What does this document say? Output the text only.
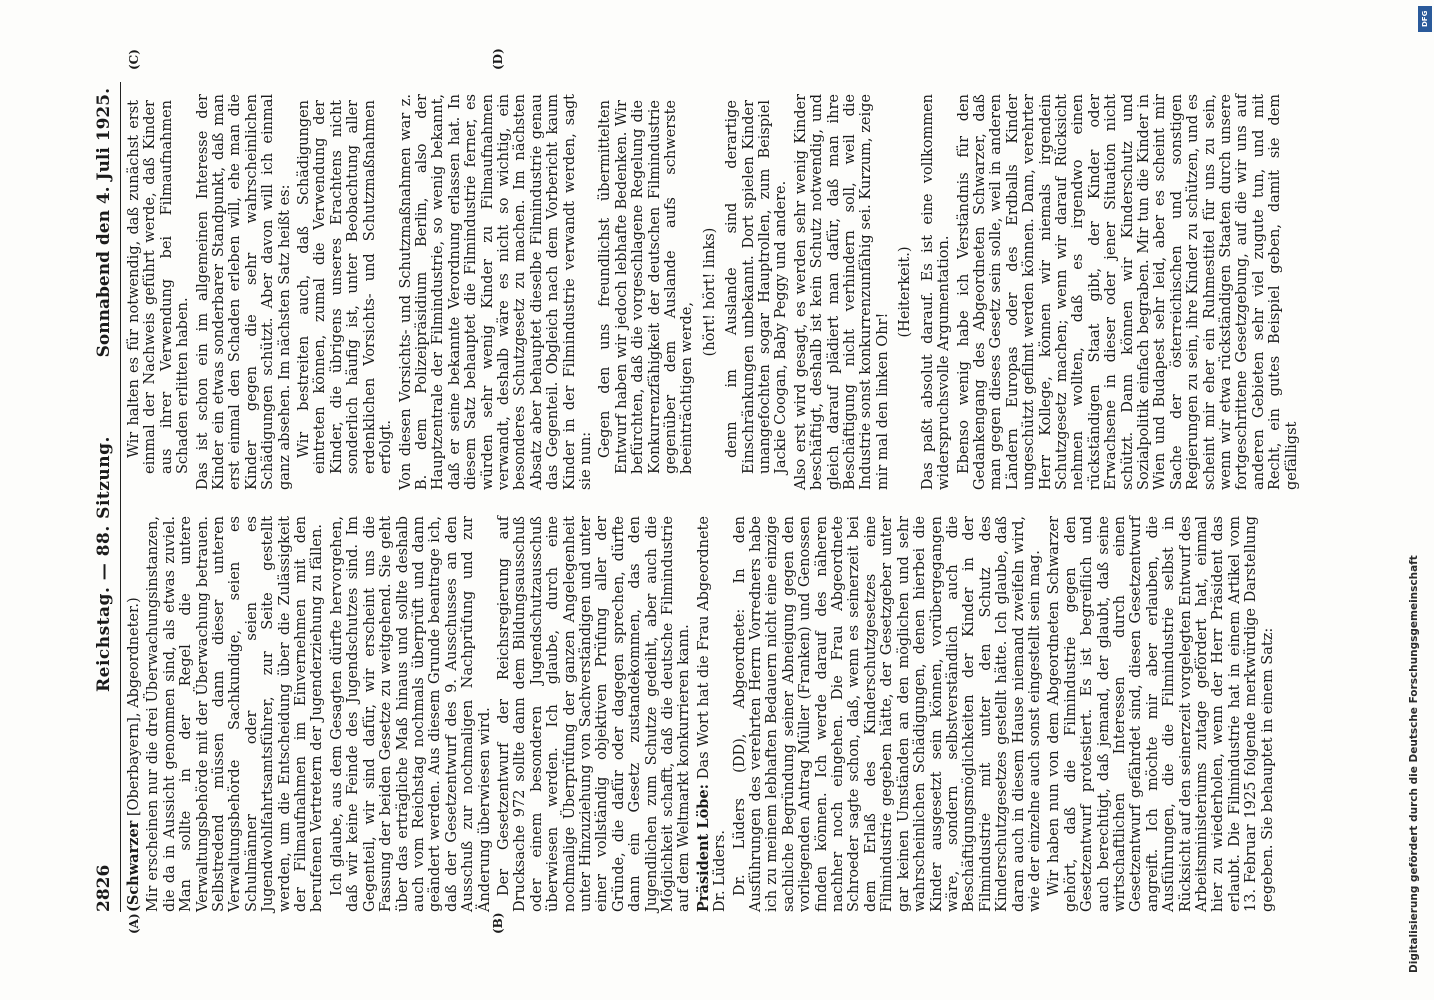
2826
Reichstag. — 88. Sitzung.
Sonnabend den 4. Juli 1925.
(A)	(B)
(C)	(D)

(Schwarzer [Oberbayern], Abgeordneter.) Mir erscheinen nur die drei Überwachungsinstanzen, die da in Aussicht genommen sind, als etwas zuviel. Man sollte in der Regel die untere Verwaltungsbehörde mit der Überwachung betrauen. Selbstredend müssen dann dieser unteren Verwaltungsbehörde Sachkundige, seien es Schulmänner oder seien es Jugendwohlfahrtsamtsführer, zur Seite gestellt werden, um die Entscheidung über die Zulässigkeit der Filmaufnahmen im Einvernehmen mit den berufenen Vertretern der Jugenderziehung zu fällen. Ich glaube, aus dem Gesagten dürfte hervorgehen, daß wir keine Feinde des Jugendschutzes sind. Im Gegenteil, wir sind dafür, wir erscheint uns die Fassung der beiden Gesetze zu weitgehend. Sie geht über das erträgliche Maß hinaus und sollte deshalb auch vom Reichstag nochmals überprüft und dann geändert werden. Aus diesem Grunde beantrage ich, daß der Gesetzentwurf des 9. Ausschusses an den Ausschuß zur nochmaligen Nachprüfung und zur Änderung überwiesen wird. Der Gesetzentwurf der Reichsregierung auf Drucksache 972 sollte dann dem Bildungsausschuß oder einem besonderen Jugendschutzausschuß überwiesen werden. Ich glaube, durch eine nochmalige Überprüfung der ganzen Angelegenheit unter Hinzuziehung von Sachverständigen und unter einer vollständig objektiven Prüfung aller der Gründe, die dafür oder dagegen sprechen, dürfte dann ein Gesetz zustandekommen, das den Jugendlichen zum Schutze gedeiht, aber auch die Möglichkeit schafft, daß die deutsche Filmindustrie auf dem Weltmarkt konkurrieren kann. Präsident Löbe: Das Wort hat die Frau Abgeordnete Dr. Lüders. Dr. Lüders (DD), Abgeordnete: In den Ausführungen des verehrten Herrn Vorredners habe ich zu meinem lebhaften Bedauern nicht eine einzige sachliche Begründung seiner Abneigung gegen den vorliegenden Antrag Müller (Franken) und Genossen finden können. Ich werde darauf des näheren nachher noch eingehen. Die Frau Abgeordnete Schroeder sagte schon, daß, wenn es seinerzeit bei dem Erlaß des Kinderschutzgesetzes eine Filmindustrie gegeben hätte, der Gesetzgeber unter gar keinen Umständen an den möglichen und sehr wahrscheinlichen Schädigungen, denen hierbei die Kinder ausgesetzt sein können, vorübergegangen wäre, sondern selbstverständlich auch die Beschäftigungsmöglichkeiten der Kinder in der Filmindustrie mit unter den Schutz des Kinderschutzgesetzes gestellt hätte. Ich glaube, daß daran auch in diesem Hause niemand zweifeln wird, wie der einzelne auch sonst eingestellt sein mag. Wir haben nun von dem Abgeordneten Schwarzer gehört, daß die Filmindustrie gegen den Gesetzentwurf protestiert. Es ist begreiflich und auch berechtigt, daß jemand, der glaubt, daß seine wirtschaftlichen Interessen durch einen Gesetzentwurf gefährdet sind, diesen Gesetzentwurf angreift. Ich möchte mir aber erlauben, die Ausführungen, die die Filmindustrie selbst in Rücksicht auf den seinerzeit vorgelegten Entwurf des Arbeitsministeriums zutage gefördert hat, einmal hier zu wiederholen, wenn der Herr Präsident das erlaubt. Die Filmindustrie hat in einem Artikel vom 13. Februar 1925 folgende merkwürdige Darstellung gegeben. Sie behauptet in einem Satz:

Wir halten es für notwendig, daß zunächst erst einmal der Nachweis geführt werde, daß Kinder aus ihrer Verwendung bei Filmaufnahmen Schaden erlitten haben. Das ist schon ein im allgemeinen Interesse der Kinder ein etwas sonderbarer Standpunkt, daß man erst einmal den Schaden erleben will, ehe man die Kinder gegen die sehr wahrscheinlichen Schädigungen schützt. Aber davon will ich einmal ganz absehen. Im nächsten Satz heißt es: Wir bestreiten auch, daß Schädigungen eintreten können, zumal die Verwendung der Kinder, die übrigens unseres Erachtens nicht sonderlich häufig ist, unter Beobachtung aller erdenklichen Vorsichts- und Schutzmaßnahmen erfolgt. Von diesen Vorsichts- und Schutzmaßnahmen war z. B. dem Polizeipräsidium Berlin, also der Hauptzentrale der Filmindustrie, so wenig bekannt, daß er seine bekannte Verordnung erlassen hat. In diesem Satz behauptet die Filmindustrie ferner, es würden sehr wenig Kinder zu Filmaufnahmen verwandt, deshalb wäre es nicht so wichtig, ein besonderes Schutzgesetz zu machen. Im nächsten Absatz aber behauptet dieselbe Filmindustrie genau das Gegenteil. Obgleich nach dem Vorbericht kaum Kinder in der Filmindustrie verwandt werden, sagt sie nun:

Gegen den uns freundlichst übermittelten Entwurf haben wir jedoch lebhafte Bedenken. Wir befürchten, daß die vorgeschlagene Regelung die Konkurrenzfähigkeit der deutschen Filmindustrie gegenüber dem Auslande aufs schwerste beeinträchtigen werde,

(hört! hört! links) denn im Auslande sind derartige Einschränkungen unbekannt. Dort spielen Kinder unangefochten sogar Hauptrollen, zum Beispiel Jackie Coogan, Baby Peggy und andere. Also erst wird gesagt, es werden sehr wenig Kinder beschäftigt, deshalb ist kein Schutz notwendig, und gleich darauf plädiert man dafür, daß man ihre Beschäftigung nicht verhindern soll, weil die Industrie sonst konkurrenzunfähig sei. Kurzum, zeige mir mal den linken Ohr!

(Heiterkeit.) Das paßt absolut darauf. Es ist eine vollkommen widerspruchsvolle Argumentation. Ebenso wenig habe ich Verständnis für den Gedankengang des Abgeordneten Schwarzer, daß man gegen dieses Gesetz sein solle, weil in anderen Ländern Europas oder des Erdballs Kinder ungeschützt gefilmt werden können. Dann, verehrter Herr Kollege, können wir niemals irgendein Schutzgesetz machen; wenn wir darauf Rücksicht nehmen wollten, daß es irgendwo einen rückständigen Staat gibt, der Kinder oder Erwachsene in dieser oder jener Situation nicht schützt. Dann können wir Kinderschutz und Sozialpolitik einfach begraben. Mir tun die Kinder in Wien und Budapest sehr leid, aber es scheint mir Sache der österreichischen und sonstigen Regierungen zu sein, ihre Kinder zu schützen, und es scheint mir eher ein Ruhmestitel für uns zu sein, wenn wir etwa rückständigen Staaten durch unsere fortgeschrittene Gesetzgebung, auf die wir uns auf anderen Gebieten sehr viel zugute tun, und mit Recht, ein gutes Beispiel geben, damit sie dem gefälligst

Digitalisierung gefördert durch die Deutsche Forschungsgemeinschaft
DFG
